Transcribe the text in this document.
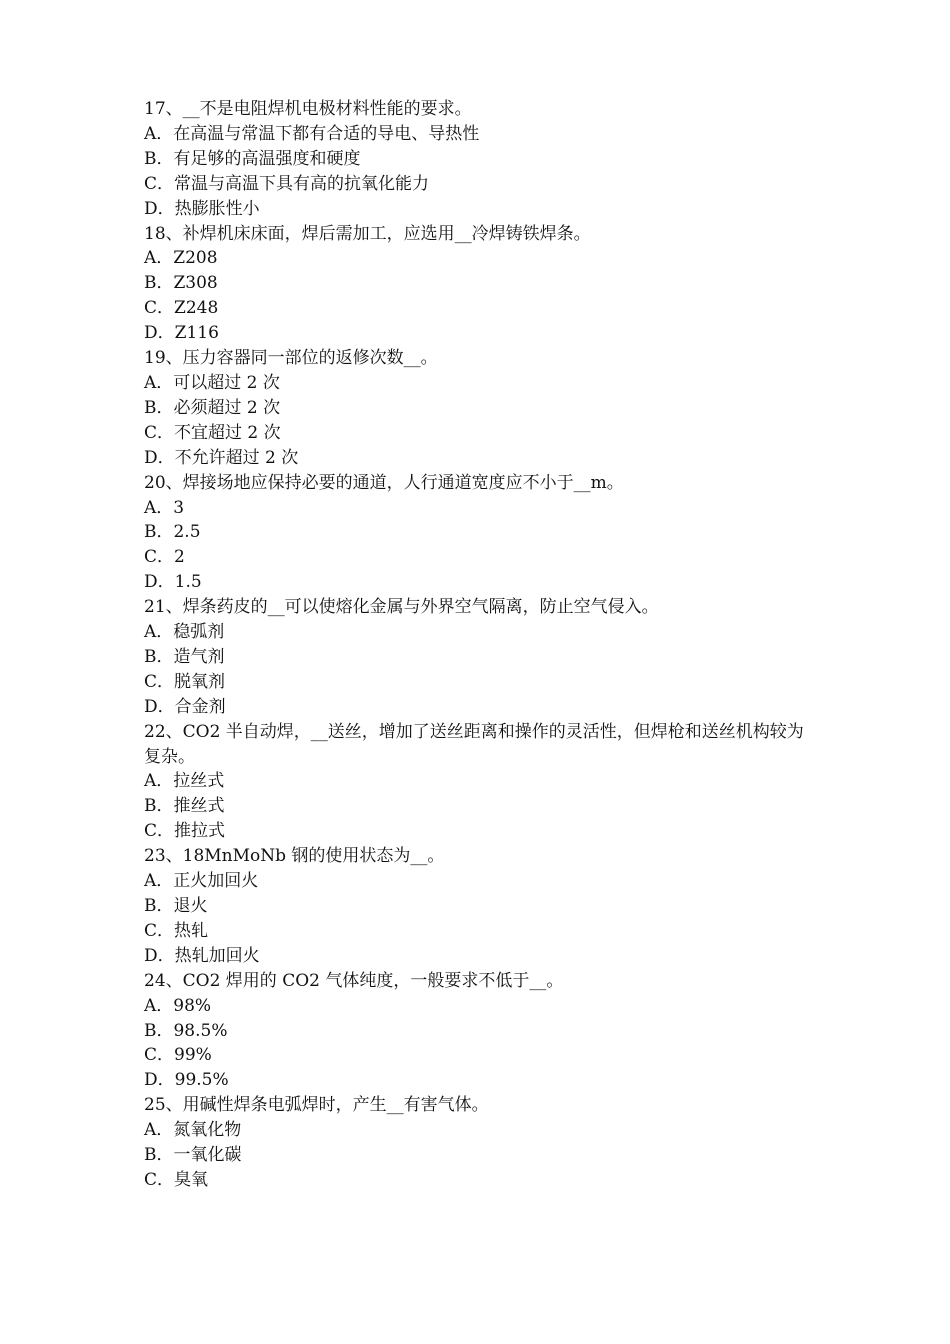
17、__不是电阻焊机电极材料性能的要求。

A．在高温与常温下都有合适的导电、导热性

B．有足够的高温强度和硬度

C．常温与高温下具有高的抗氧化能力

D．热膨胀性小

18、补焊机床床面，焊后需加工，应选用__冷焊铸铁焊条。

A．Z208

B．Z308

C．Z248

D．Z116

19、压力容器同一部位的返修次数__。

A．可以超过 2 次

B．必须超过 2 次

C．不宜超过 2 次

D．不允许超过 2 次

20、焊接场地应保持必要的通道，人行通道宽度应不小于__m。

A．3

B．2.5

C．2

D．1.5

21、焊条药皮的__可以使熔化金属与外界空气隔离，防止空气侵入。

A．稳弧剂

B．造气剂

C．脱氧剂

D．合金剂

22、CO2 半自动焊，__送丝，增加了送丝距离和操作的灵活性，但焊枪和送丝机构较为复杂。

A．拉丝式

B．推丝式

C．推拉式

23、18MnMoNb 钢的使用状态为__。

A．正火加回火

B．退火

C．热轧

D．热轧加回火

24、CO2 焊用的 CO2 气体纯度，一般要求不低于__。

A．98%

B．98.5%

C．99%

D．99.5%

25、用碱性焊条电弧焊时，产生__有害气体。

A．氮氧化物

B．一氧化碳

C．臭氧
